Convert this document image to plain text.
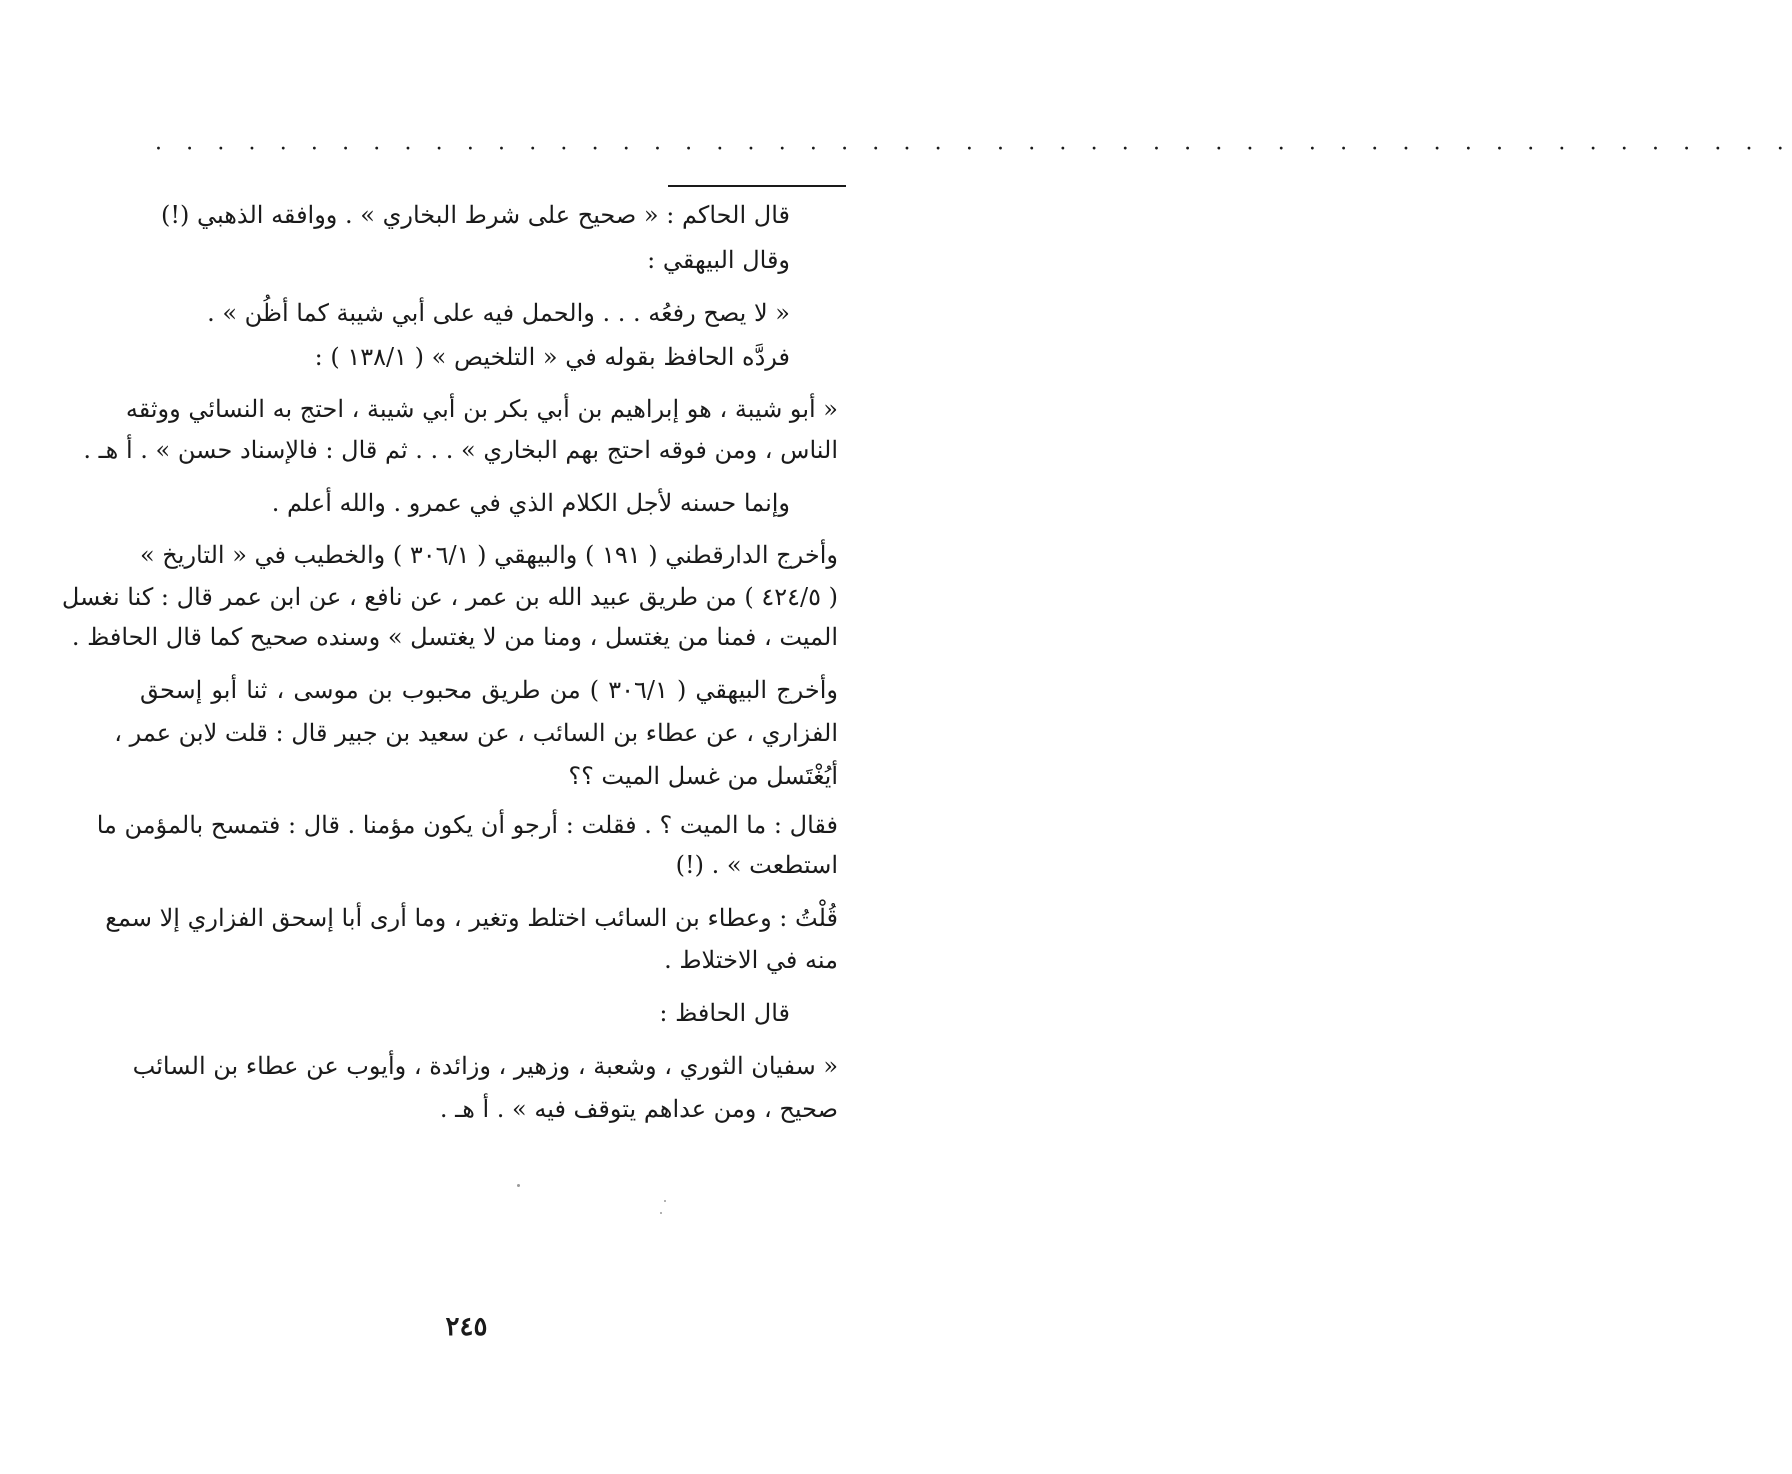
· · · · · · · · · · · · · · · · · · · · · · · · · · · · · · · · · · · · · · · · · · · · · · · · · · · · ·
قال الحاكم : « صحيح على شرط البخاري » . ووافقه الذهبي (!)
وقال البيهقي :
« لا يصح رفعُه . . . والحمل فيه على أبي شيبة كما أظُن » .
فردَّه الحافظ بقوله في « التلخيص » ( ١٣٨/١ ) :
« أبو شيبة ، هو إبراهيم بن أبي بكر بن أبي شيبة ، احتج به النسائي ووثقه
الناس ، ومن فوقه احتج بهم البخاري » . . . ثم قال : فالإسناد حسن » . أ هـ .
وإنما حسنه لأجل الكلام الذي في عمرو . والله أعلم .
وأخرج الدارقطني ( ١٩١ ) والبيهقي ( ٣٠٦/١ ) والخطيب في « التاريخ »
( ٤٢٤/٥ ) من طريق عبيد الله بن عمر ، عن نافع ، عن ابن عمر قال : كنا نغسل
الميت ، فمنا من يغتسل ، ومنا من لا يغتسل » وسنده صحيح كما قال الحافظ .
وأخرج البيهقي ( ٣٠٦/١ ) من طريق محبوب بن موسى ، ثنا أبو إسحق
الفزاري ، عن عطاء بن السائب ، عن سعيد بن جبير قال : قلت لابن عمر ،
أيُغْتَسل من غسل الميت ؟؟
فقال : ما الميت ؟ . فقلت : أرجو أن يكون مؤمنا . قال : فتمسح بالمؤمن ما
استطعت » . (!)
قُلْتُ : وعطاء بن السائب اختلط وتغير ، وما أرى أبا إسحق الفزاري إلا سمع
منه في الاختلاط .
قال الحافظ :
« سفيان الثوري ، وشعبة ، وزهير ، وزائدة ، وأيوب عن عطاء بن السائب
صحيح ، ومن عداهم يتوقف فيه » . أ هـ .
٢٤٥
